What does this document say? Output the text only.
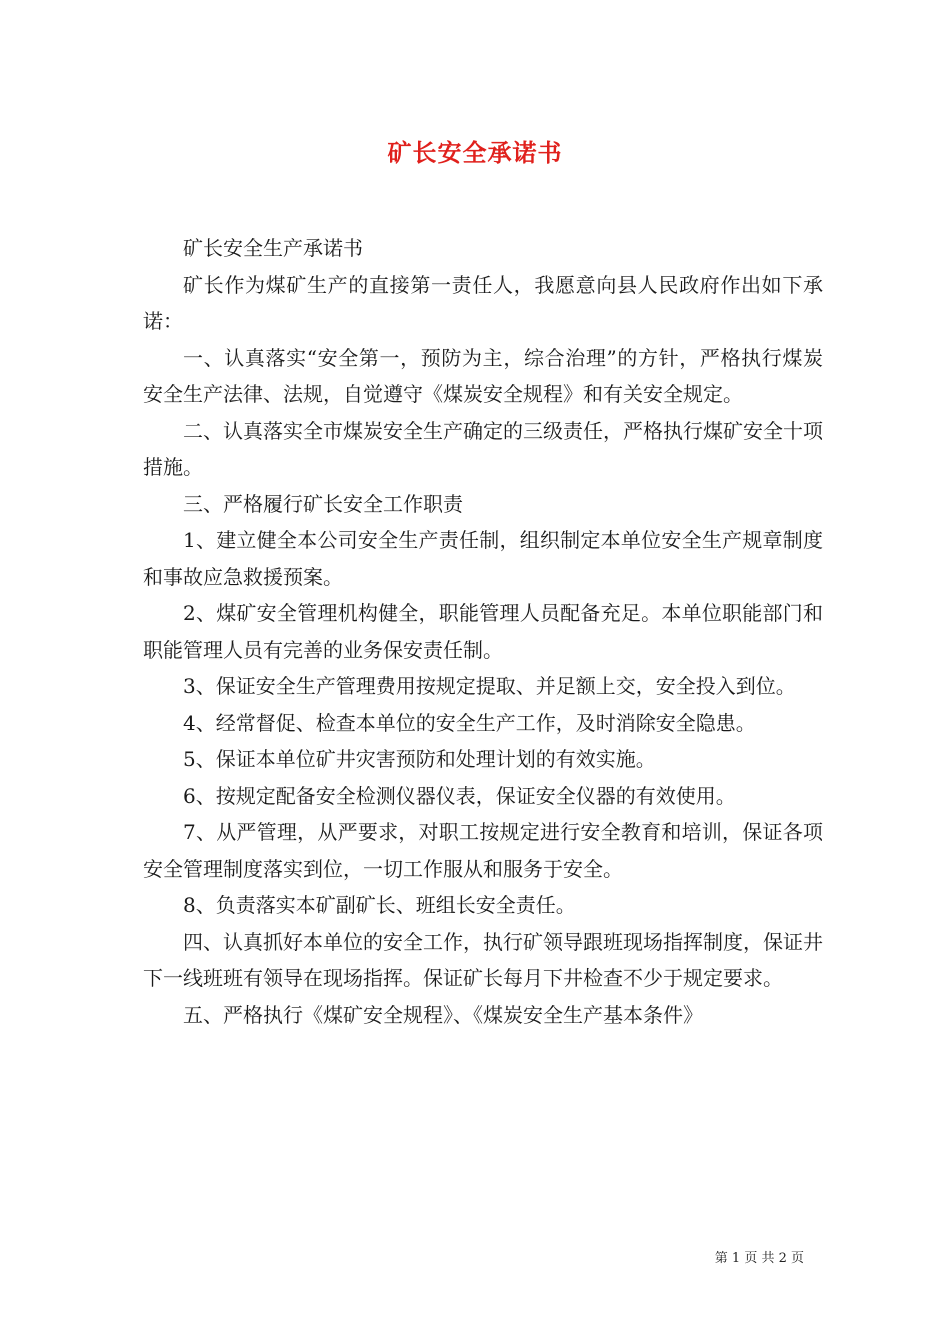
矿长安全承诺书

矿长安全生产承诺书

矿长作为煤矿生产的直接第一责任人，我愿意向县人民政府作出如下承诺：

一、认真落实“安全第一，预防为主，综合治理”的方针，严格执行煤炭安全生产法律、法规，自觉遵守《煤炭安全规程》和有关安全规定。

二、认真落实全市煤炭安全生产确定的三级责任，严格执行煤矿安全十项措施。

三、严格履行矿长安全工作职责

1、建立健全本公司安全生产责任制，组织制定本单位安全生产规章制度和事故应急救援预案。

2、煤矿安全管理机构健全，职能管理人员配备充足。本单位职能部门和职能管理人员有完善的业务保安责任制。

3、保证安全生产管理费用按规定提取、并足额上交，安全投入到位。

4、经常督促、检查本单位的安全生产工作，及时消除安全隐患。

5、保证本单位矿井灾害预防和处理计划的有效实施。

6、按规定配备安全检测仪器仪表，保证安全仪器的有效使用。

7、从严管理，从严要求，对职工按规定进行安全教育和培训，保证各项安全管理制度落实到位，一切工作服从和服务于安全。

8、负责落实本矿副矿长、班组长安全责任。

四、认真抓好本单位的安全工作，执行矿领导跟班现场指挥制度，保证井下一线班班有领导在现场指挥。保证矿长每月下井检查不少于规定要求。

五、严格执行《煤矿安全规程》、《煤炭安全生产基本条件》

第 1 页 共 2 页
